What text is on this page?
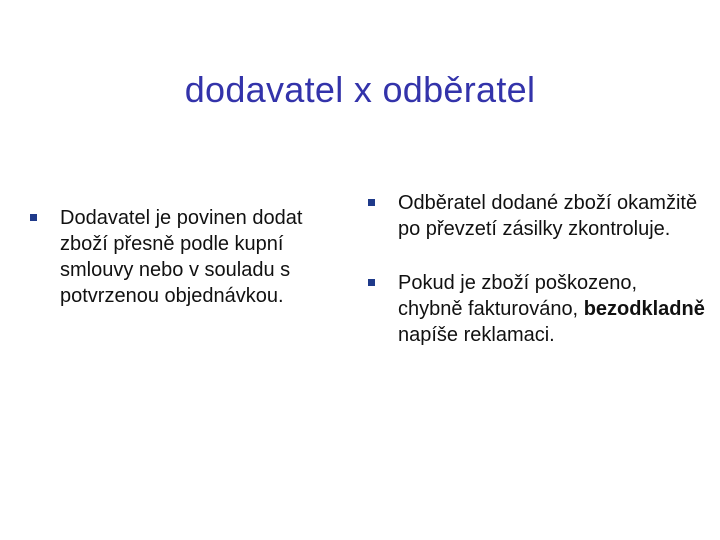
dodavatel x odběratel

Dodavatel je povinen dodat zboží přesně podle kupní smlouvy nebo v souladu s potvrzenou objednávkou.

Odběratel dodané zboží okamžitě po převzetí zásilky zkontroluje.

Pokud je zboží poškozeno, chybně fakturováno, bezodkladně napíše reklamaci.
